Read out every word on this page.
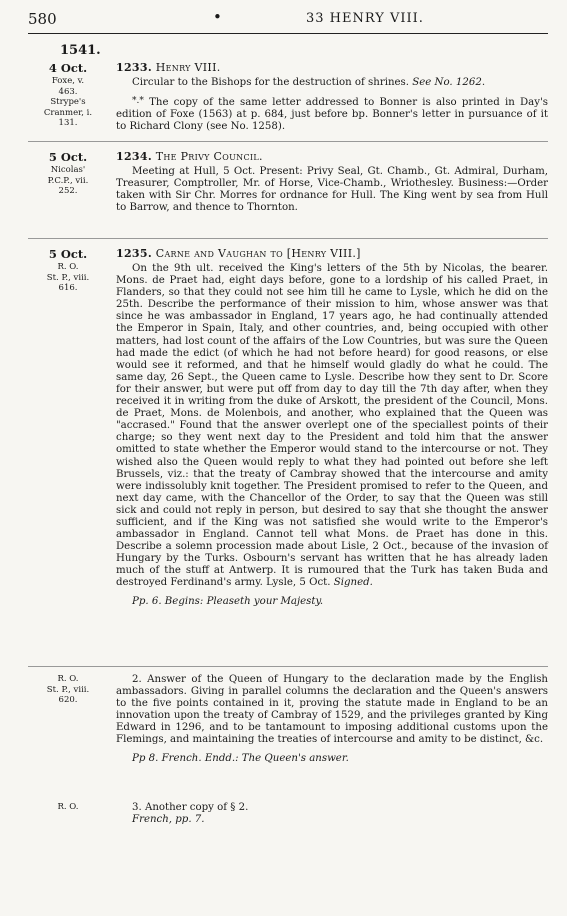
580	•	33 HENRY VIII.
1541.
4 Oct.
Foxe, v.
463.
Strype's
Cranmer, i.
131.
1233. Henry VIII.

Circular to the Bishops for the destruction of shrines. See No. 1262.

*.* The copy of the same letter addressed to Bonner is also printed in Day's edition of Foxe (1563) at p. 684, just before bp. Bonner's letter in pursuance of it to Richard Clony (see No. 1258).

5 Oct.
Nicolas'
P.C.P., vii.
252.
1234. The Privy Council.

Meeting at Hull, 5 Oct. Present: Privy Seal, Gt. Chamb., Gt. Admiral, Durham, Treasurer, Comptroller, Mr. of Horse, Vice-Chamb., Wriothesley. Business:—Order taken with Sir Chr. Morres for ordnance for Hull. The King went by sea from Hull to Barrow, and thence to Thornton.

5 Oct.
R. O.
St. P., viii.
616.
1235. Carne and Vaughan to [Henry VIII.]

On the 9th ult. received the King's letters of the 5th by Nicolas, the bearer. Mons. de Praet had, eight days before, gone to a lordship of his called Praet, in Flanders, so that they could not see him till he came to Lysle, which he did on the 25th. Describe the performance of their mission to him, whose answer was that since he was ambassador in England, 17 years ago, he had continually attended the Emperor in Spain, Italy, and other countries, and, being occupied with other matters, had lost count of the affairs of the Low Countries, but was sure the Queen had made the edict (of which he had not before heard) for good reasons, or else would see it reformed, and that he himself would gladly do what he could. The same day, 26 Sept., the Queen came to Lysle. Describe how they sent to Dr. Score for their answer, but were put off from day to day till the 7th day after, when they received it in writing from the duke of Arskott, the president of the Council, Mons. de Praet, Mons. de Molenbois, and another, who explained that the Queen was "accrased." Found that the answer overlept one of the speciallest points of their charge; so they went next day to the President and told him that the answer omitted to state whether the Emperor would stand to the intercourse or not. They wished also the Queen would reply to what they had pointed out before she left Brussels, viz.: that the treaty of Cambray showed that the intercourse and amity were indissolubly knit together. The President promised to refer to the Queen, and next day came, with the Chancellor of the Order, to say that the Queen was still sick and could not reply in person, but desired to say that she thought the answer sufficient, and if the King was not satisfied she would write to the Emperor's ambassador in England. Cannot tell what Mons. de Praet has done in this. Describe a solemn procession made about Lisle, 2 Oct., because of the invasion of Hungary by the Turks. Osbourn's servant has written that he has already laden much of the stuff at Antwerp. It is rumoured that the Turk has taken Buda and destroyed Ferdinand's army. Lysle, 5 Oct. Signed.

Pp. 6. Begins: Pleaseth your Majesty.

R. O.
St. P., viii.
620.

2. Answer of the Queen of Hungary to the declaration made by the English ambassadors. Giving in parallel columns the declaration and the Queen's answers to the five points contained in it, proving the statute made in England to be an innovation upon the treaty of Cambray of 1529, and the privileges granted by King Edward in 1296, and to be tantamount to imposing additional customs upon the Flemings, and maintaining the treaties of intercourse and amity to be distinct, &c.

Pp 8. French. Endd.: The Queen's answer.

R. O.	3. Another copy of § 2.

French, pp. 7.
